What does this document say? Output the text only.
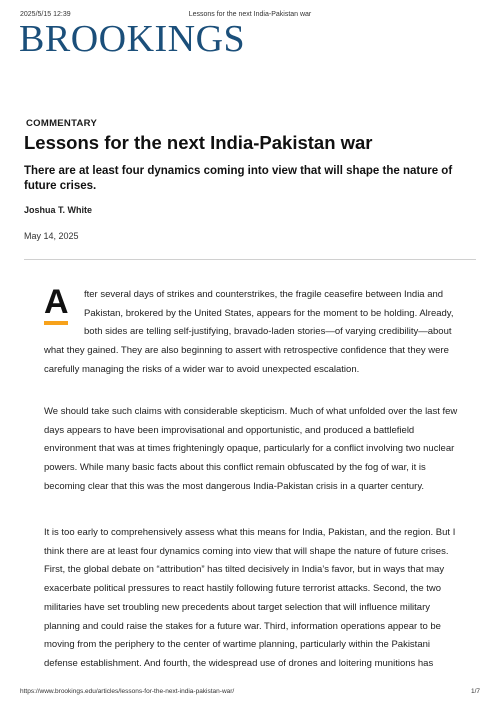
2025/5/15 12:39	Lessons for the next India-Pakistan war
BROOKINGS
COMMENTARY
Lessons for the next India-Pakistan war
There are at least four dynamics coming into view that will shape the nature of future crises.
Joshua T. White
May 14, 2025
A fter several days of strikes and counterstrikes, the fragile ceasefire between India and Pakistan, brokered by the United States, appears for the moment to be holding. Already, both sides are telling self-justifying, bravado-laden stories—of varying credibility—about what they gained. They are also beginning to assert with retrospective confidence that they were carefully managing the risks of a wider war to avoid unexpected escalation.
We should take such claims with considerable skepticism. Much of what unfolded over the last few days appears to have been improvisational and opportunistic, and produced a battlefield environment that was at times frighteningly opaque, particularly for a conflict involving two nuclear powers. While many basic facts about this conflict remain obfuscated by the fog of war, it is becoming clear that this was the most dangerous India-Pakistan crisis in a quarter century.
It is too early to comprehensively assess what this means for India, Pakistan, and the region. But I think there are at least four dynamics coming into view that will shape the nature of future crises. First, the global debate on “attribution” has tilted decisively in India’s favor, but in ways that may exacerbate political pressures to react hastily following future terrorist attacks. Second, the two militaries have set troubling new precedents about target selection that will influence military planning and could raise the stakes for a future war. Third, information operations appear to be moving from the periphery to the center of wartime planning, particularly within the Pakistani defense establishment. And fourth, the widespread use of drones and loitering munitions has
https://www.brookings.edu/articles/lessons-for-the-next-india-pakistan-war/	1/7
